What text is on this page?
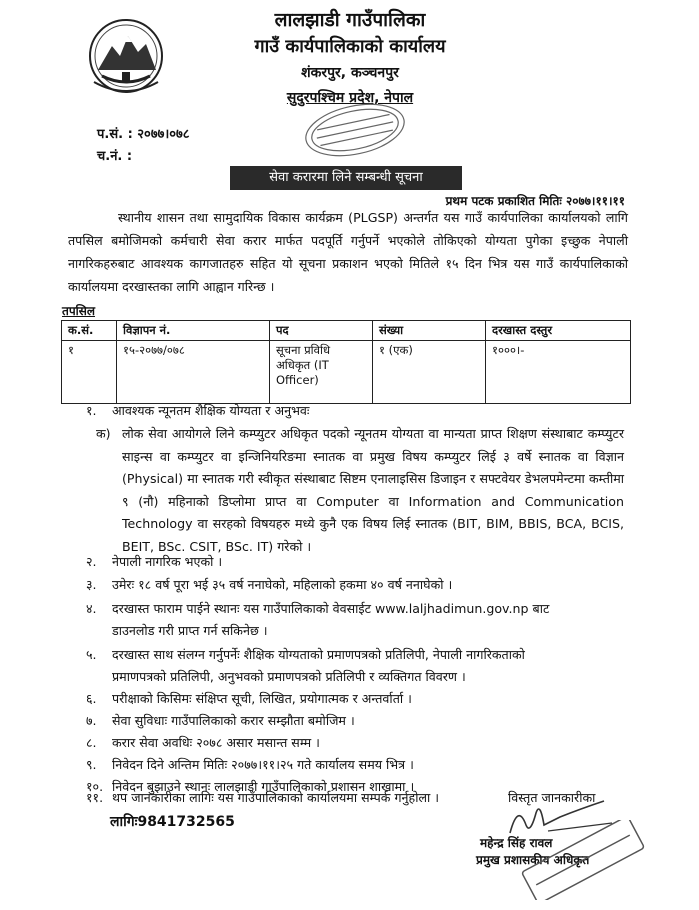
लालझाडी गाउँपालिका
गाउँ कार्यपालिकाको कार्यालय
शंकरपुर, कञ्चनपुर
सुदुरपश्चिम प्रदेश, नेपाल
प.सं. : २०७७।०७८
च.नं. :
सेवा करारमा लिने सम्बन्धी सूचना
प्रथम पटक प्रकाशित मितिः २०७७।११।११
स्थानीय शासन तथा सामुदायिक विकास कार्यक्रम (PLGSP) अन्तर्गत यस गाउँ कार्यपालिका कार्यालयको लागि तपसिल बमोजिमको कर्मचारी सेवा करार मार्फत पदपूर्ति गर्नुपर्ने भएकोले तोकिएको योग्यता पुगेका इच्छुक नेपाली नागरिकहरुबाट आवश्यक कागजातहरु सहित यो सूचना प्रकाशन भएको मितिले १५ दिन भित्र यस गाउँ कार्यपालिकाको कार्यालयमा दरखास्तका लागि आह्वान गरिन्छ ।
तपसिल
क.सं.	विज्ञापन नं.	पद	संख्या	दरखास्त दस्तुर
१	१५-२०७७/०७८	सूचना प्रविधि अधिकृत (IT Officer)	१ (एक)	१०००।-
१. आवश्यक न्यूनतम शैक्षिक योग्यता र अनुभवः
क) लोक सेवा आयोगले लिने कम्प्युटर अधिकृत पदको न्यूनतम योग्यता वा मान्यता प्राप्त शिक्षण संस्थाबाट कम्प्युटर साइन्स वा कम्प्युटर वा इन्जिनियरिङमा स्नातक वा प्रमुख विषय कम्प्युटर लिई ३ वर्षे स्नातक वा विज्ञान (Physical) मा स्नातक गरी स्वीकृत संस्थाबाट सिष्टम एनालाइसिस डिजाइन र सफ्टवेयर डेभलपमेन्टमा कम्तीमा ९ (नौ) महिनाको डिप्लोमा प्राप्त वा Computer वा Information and Communication Technology वा सरहको विषयहरु मध्ये कुनै एक विषय लिई स्नातक (BIT, BIM, BBIS, BCA, BCIS, BEIT, BSc. CSIT, BSc. IT) गरेको ।
२. नेपाली नागरिक भएको ।
३. उमेरः १८ वर्ष पूरा भई ३५ वर्ष ननाघेको, महिलाको हकमा ४० वर्ष ननाघेको ।
४. दरखास्त फाराम पाईने स्थानः यस गाउँपालिकाको वेवसाईट www.laljhadimun.gov.np बाट
डाउनलोड गरी प्राप्त गर्न सकिनेछ ।
५. दरखास्त साथ संलग्न गर्नुपर्नेः शैक्षिक योग्यताको प्रमाणपत्रको प्रतिलिपी, नेपाली नागरिकताको
प्रमाणपत्रको प्रतिलिपी, अनुभवको प्रमाणपत्रको प्रतिलिपी र व्यक्तिगत विवरण ।
६. परीक्षाको किसिमः संक्षिप्त सूची, लिखित, प्रयोगात्मक र अन्तर्वार्ता ।
७. सेवा सुविधाः गाउँपालिकाको करार सम्झौता बमोजिम ।
८. करार सेवा अवधिः २०७८ असार मसान्त सम्म ।
९. निवेदन दिने अन्तिम मितिः २०७७।११।२५ गते कार्यालय समय भित्र ।
१०. निवेदन बुझाउने स्थानः लालझाडी गाउँपालिकाको प्रशासन शाखामा ।
११. थप जानकारीका लागिः यस गाउँपालिकाको कार्यालयमा सम्पर्क गर्नुहोला ।	विस्तृत जानकारीका
लागिः9841732565
महेन्द्र सिंह रावल
प्रमुख प्रशासकीय अधिकृत
